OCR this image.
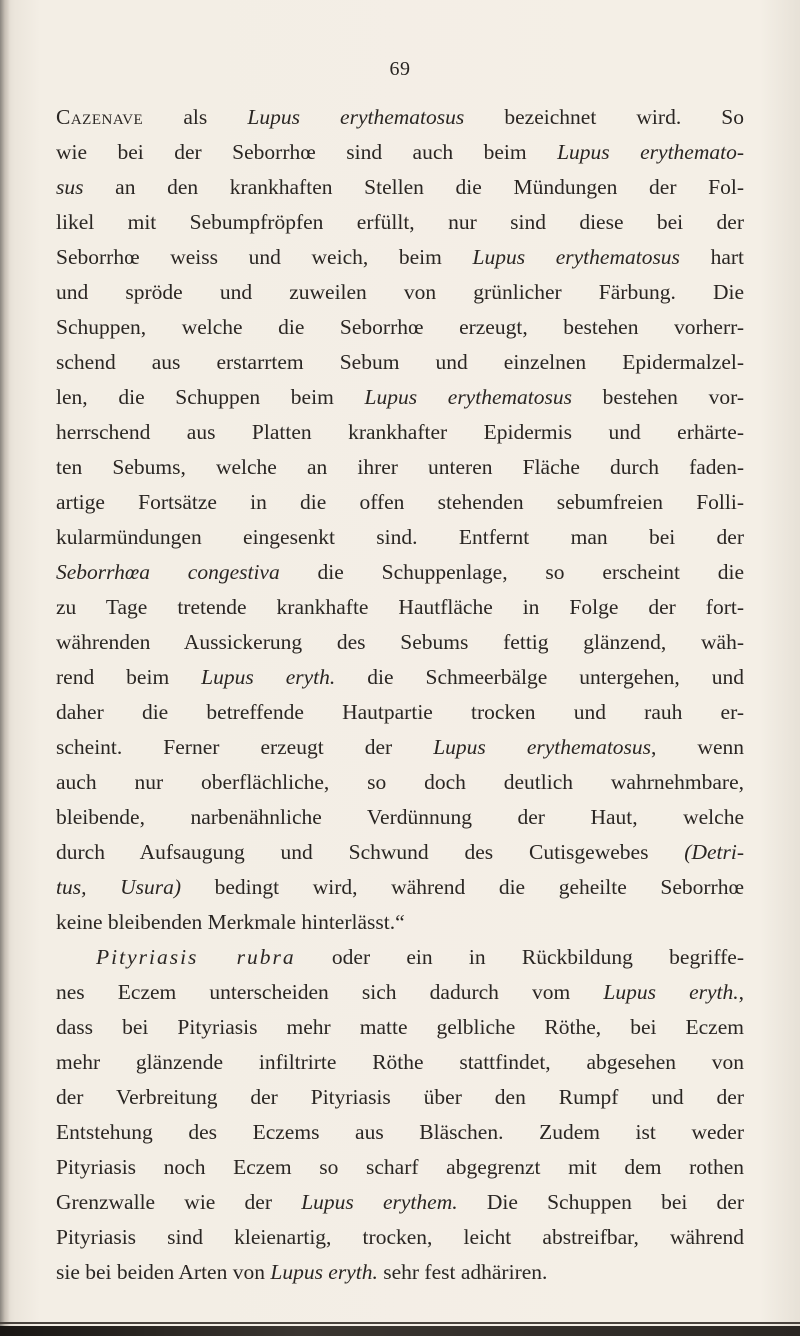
69
Cazenave als Lupus erythematosus bezeichnet wird. So
wie bei der Seborrhœ sind auch beim Lupus erythemato-
sus an den krankhaften Stellen die Mündungen der Fol-
likel mit Sebumpfröpfen erfüllt, nur sind diese bei der
Seborrhœ weiss und weich, beim Lupus erythematosus hart
und spröde und zuweilen von grünlicher Färbung. Die
Schuppen, welche die Seborrhœ erzeugt, bestehen vorherr-
schend aus erstarrtem Sebum und einzelnen Epidermalzel-
len, die Schuppen beim Lupus erythematosus bestehen vor-
herrschend aus Platten krankhafter Epidermis und erhärte-
ten Sebums, welche an ihrer unteren Fläche durch faden-
artige Fortsätze in die offen stehenden sebumfreien Folli-
kularmündungen eingesenkt sind. Entfernt man bei der
Seborrhœa congestiva die Schuppenlage, so erscheint die
zu Tage tretende krankhafte Hautfläche in Folge der fort-
währenden Aussickerung des Sebums fettig glänzend, wäh-
rend beim Lupus eryth. die Schmeerbälge untergehen, und
daher die betreffende Hautpartie trocken und rauh er-
scheint. Ferner erzeugt der Lupus erythematosus, wenn
auch nur oberflächliche, so doch deutlich wahrnehmbare,
bleibende, narbenähnliche Verdünnung der Haut, welche
durch Aufsaugung und Schwund des Cutisgewebes (Detri-
tus, Usura) bedingt wird, während die geheilte Seborrhœ
keine bleibenden Merkmale hinterlässt.“
Pityriasis rubra oder ein in Rückbildung begriffe-
nes Eczem unterscheiden sich dadurch vom Lupus eryth.,
dass bei Pityriasis mehr matte gelbliche Röthe, bei Eczem
mehr glänzende infiltrirte Röthe stattfindet, abgesehen von
der Verbreitung der Pityriasis über den Rumpf und der
Entstehung des Eczems aus Bläschen. Zudem ist weder
Pityriasis noch Eczem so scharf abgegrenzt mit dem rothen
Grenzwalle wie der Lupus erythem. Die Schuppen bei der
Pityriasis sind kleienartig, trocken, leicht abstreifbar, während
sie bei beiden Arten von Lupus eryth. sehr fest adhäriren.
